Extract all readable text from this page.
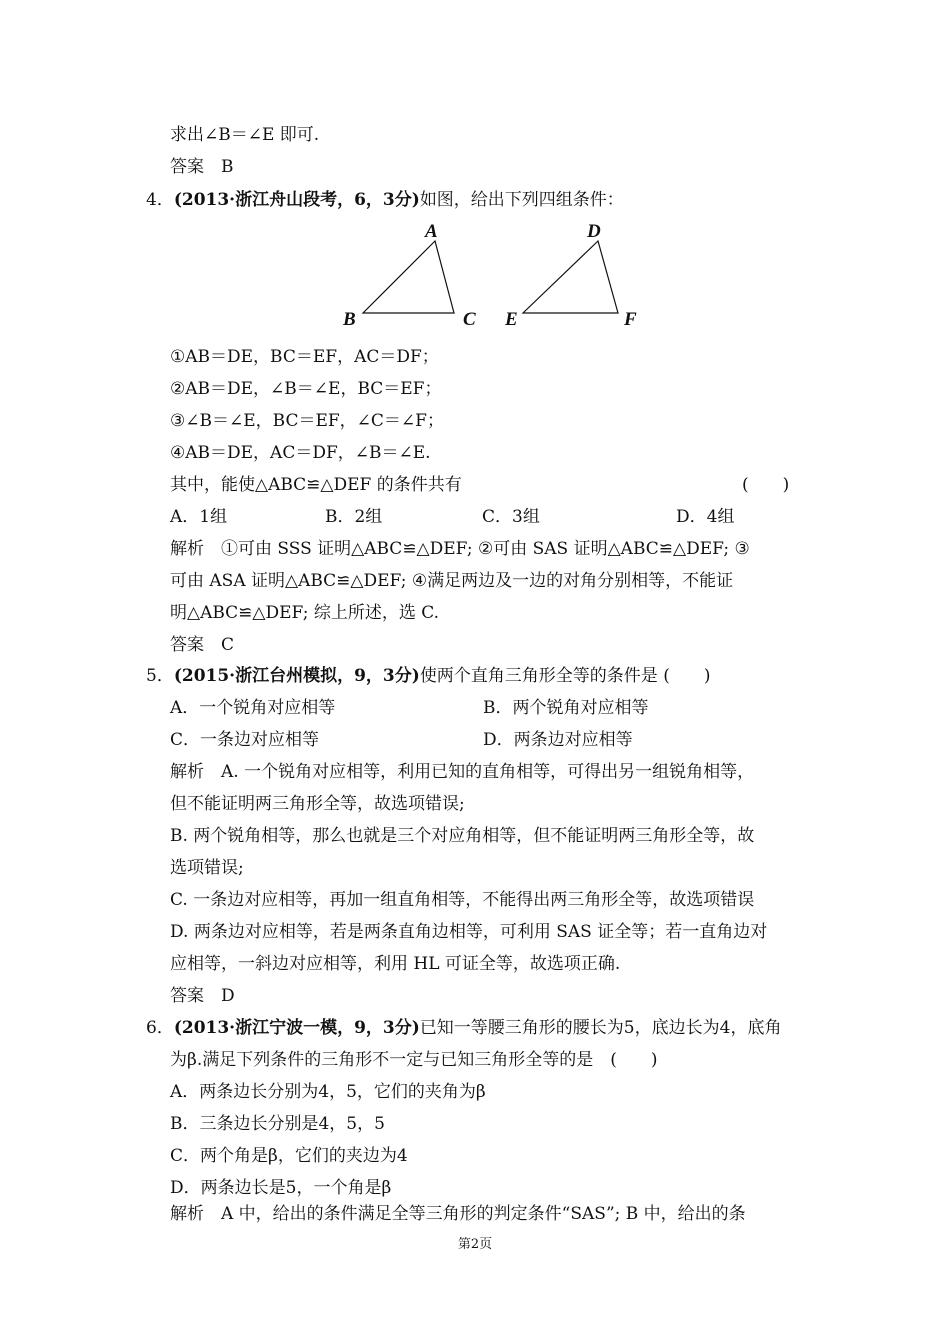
求出∠B＝∠E 即可.
答案　B
4．(2013·浙江舟山段考，6，3分)如图，给出下列四组条件：
A
B	C
D
E	F
①AB＝DE，BC＝EF，AC＝DF；
②AB＝DE，∠B＝∠E，BC＝EF；
③∠B＝∠E，BC＝EF，∠C＝∠F；
④AB＝DE，AC＝DF，∠B＝∠E.
其中，能使△ABC≌△DEF 的条件共有	(　　)
A．1组	B．2组	C．3组	D．4组
解析　①可由 SSS 证明△ABC≌△DEF; ②可由 SAS 证明△ABC≌△DEF; ③
可由 ASA 证明△ABC≌△DEF; ④满足两边及一边的对角分别相等，不能证
明△ABC≌△DEF; 综上所述，选 C.
答案　C
5．(2015·浙江台州模拟，9，3分)使两个直角三角形全等的条件是 (　　)
A．一个锐角对应相等	B．两个锐角对应相等
C．一条边对应相等	D．两条边对应相等
解析　A. 一个锐角对应相等，利用已知的直角相等，可得出另一组锐角相等，
但不能证明两三角形全等，故选项错误;
B. 两个锐角相等，那么也就是三个对应角相等，但不能证明两三角形全等，故
选项错误;
C. 一条边对应相等，再加一组直角相等，不能得出两三角形全等，故选项错误
D. 两条边对应相等，若是两条直角边相等，可利用 SAS 证全等；若一直角边对
应相等，一斜边对应相等，利用 HL 可证全等，故选项正确.
答案　D
6．(2013·浙江宁波一模，9，3分)已知一等腰三角形的腰长为5，底边长为4，底角
为β.满足下列条件的三角形不一定与已知三角形全等的是　(　　)
A．两条边长分别为4，5，它们的夹角为β
B．三条边长分别是4，5，5
C．两个角是β，它们的夹边为4
D．两条边长是5，一个角是β
解析　A 中，给出的条件满足全等三角形的判定条件“SAS”; B 中，给出的条
第2页
